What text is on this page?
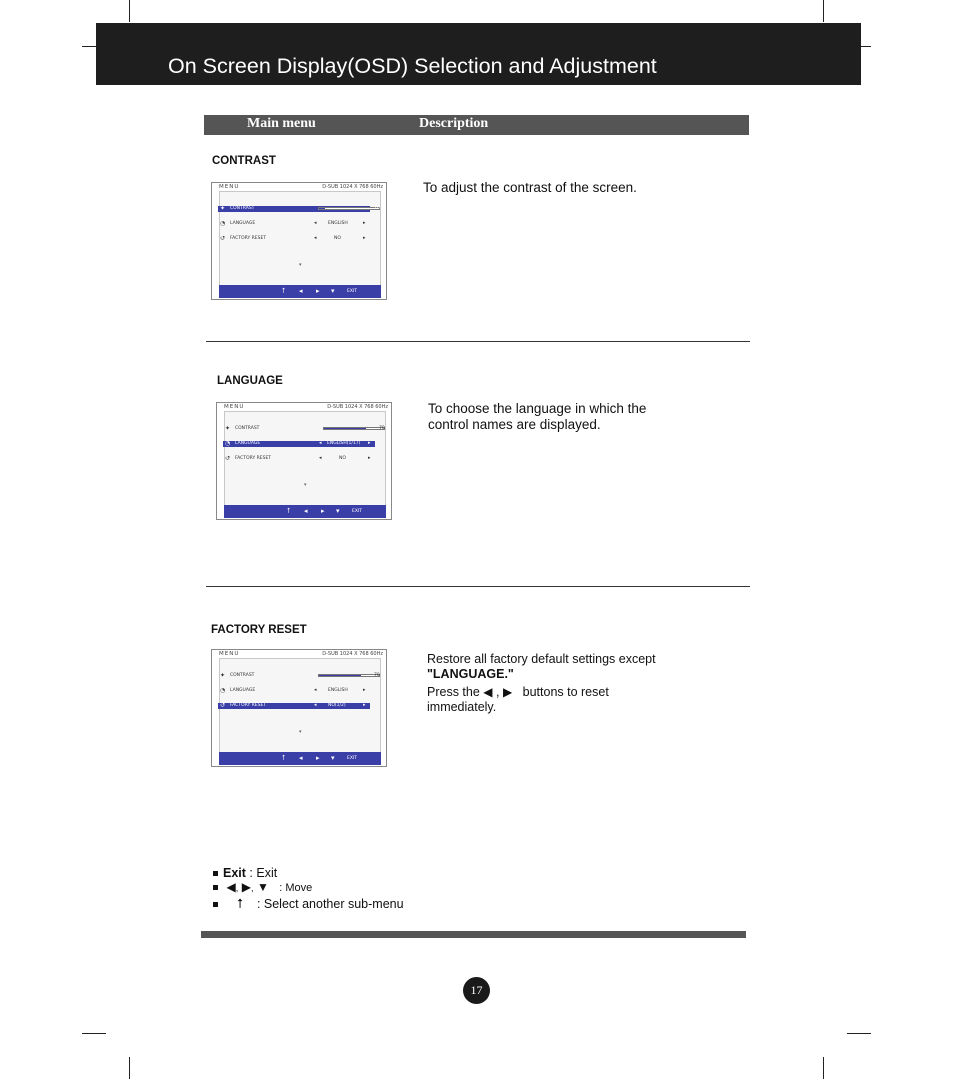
On Screen Display(OSD) Selection and Adjustment
Main menu	Description
CONTRAST
To adjust the contrast of the screen.
MENU	D-SUB 1024 X 768 60Hz
✦ CONTRAST	70
◔ LANGUAGE	◂	ENGLISH	▸
↺ FACTORY RESET	◂	NO	▸
▾
⭡ ◂ ▸ ▾	EXIT
LANGUAGE
To choose the language in which the
control names are displayed.
MENU	D-SUB 1024 X 768 60Hz
✦ CONTRAST	70
◔ LANGUAGE	◂ ENGLISH(1/17) ▸
↺ FACTORY RESET	◂	NO	▸
▾
⭡ ◂ ▸ ▾	EXIT
FACTORY RESET
Restore all factory default settings except
"LANGUAGE."
Press the ◀ , ▶ buttons to reset
immediately.
MENU	D-SUB 1024 X 768 60Hz
✦ CONTRAST	70
◔ LANGUAGE	◂	ENGLISH	▸
↺ FACTORY RESET	◂	NO(1/2)	▸
▾
⭡ ◂ ▸ ▾	EXIT
Exit : Exit
◀, ▶, ▼ : Move
⭡ : Select another sub-menu
17
